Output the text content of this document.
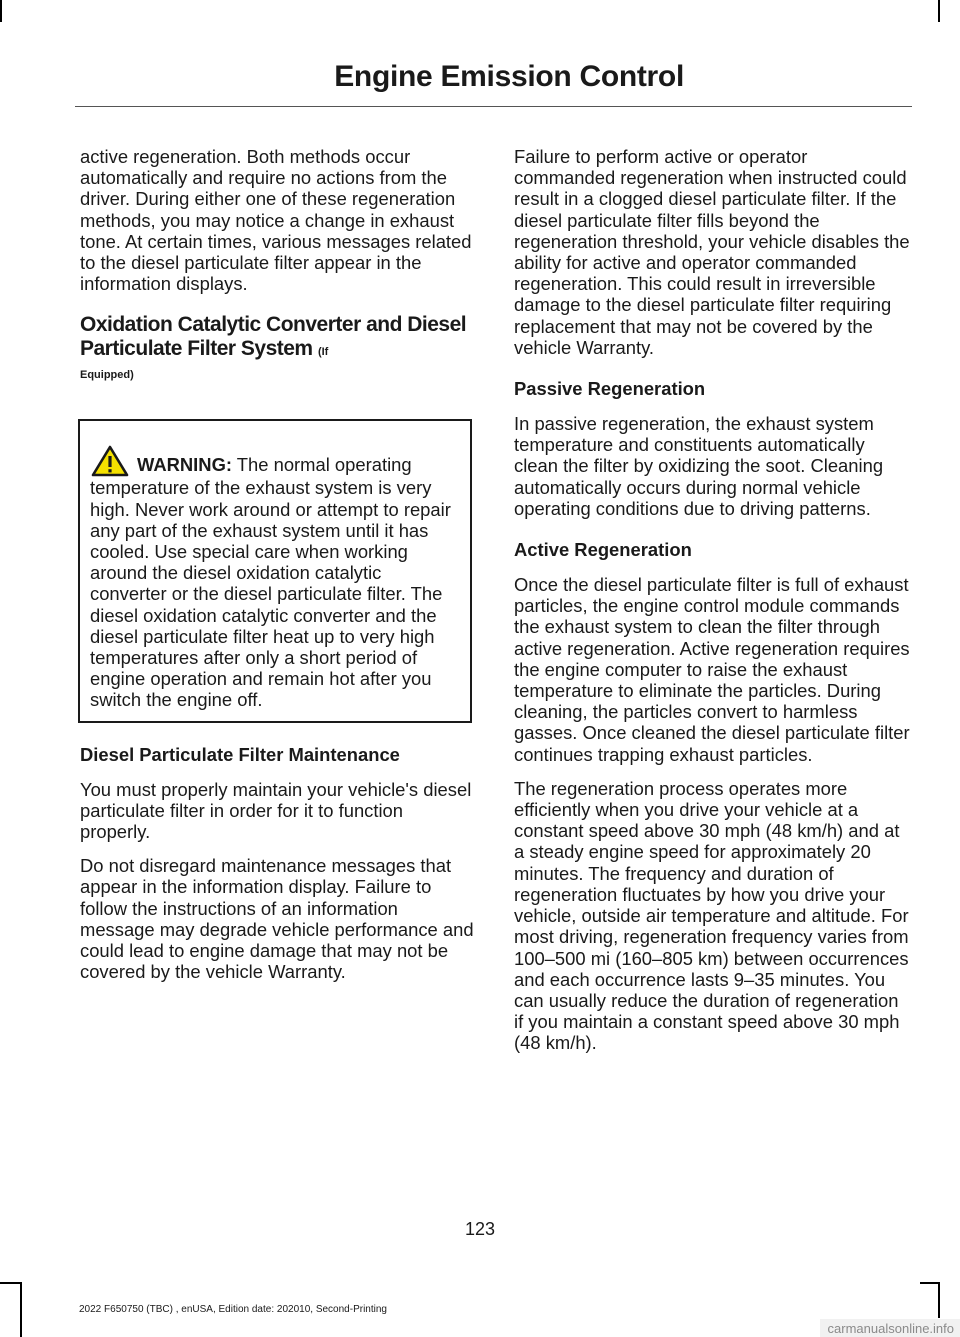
Engine Emission Control

active regeneration. Both methods occur automatically and require no actions from the driver. During either one of these regeneration methods, you may notice a change in exhaust tone. At certain times, various messages related to the diesel particulate filter appear in the information displays.

Oxidation Catalytic Converter and Diesel Particulate Filter System (If
Equipped)

WARNING: The normal operating temperature of the exhaust system is very high. Never work around or attempt to repair any part of the exhaust system until it has cooled. Use special care when working around the diesel oxidation catalytic converter or the diesel particulate filter. The diesel oxidation catalytic converter and the diesel particulate filter heat up to very high temperatures after only a short period of engine operation and remain hot after you switch the engine off.

Diesel Particulate Filter Maintenance

You must properly maintain your vehicle's diesel particulate filter in order for it to function properly.

Do not disregard maintenance messages that appear in the information display. Failure to follow the instructions of an information message may degrade vehicle performance and could lead to engine damage that may not be covered by the vehicle Warranty.

Failure to perform active or operator commanded regeneration when instructed could result in a clogged diesel particulate filter. If the diesel particulate filter fills beyond the regeneration threshold, your vehicle disables the ability for active and operator commanded regeneration. This could result in irreversible damage to the diesel particulate filter requiring replacement that may not be covered by the vehicle Warranty.

Passive Regeneration

In passive regeneration, the exhaust system temperature and constituents automatically clean the filter by oxidizing the soot. Cleaning automatically occurs during normal vehicle operating conditions due to driving patterns.

Active Regeneration

Once the diesel particulate filter is full of exhaust particles, the engine control module commands the exhaust system to clean the filter through active regeneration. Active regeneration requires the engine computer to raise the exhaust temperature to eliminate the particles. During cleaning, the particles convert to harmless gasses. Once cleaned the diesel particulate filter continues trapping exhaust particles.

The regeneration process operates more efficiently when you drive your vehicle at a constant speed above 30 mph (48 km/h) and at a steady engine speed for approximately 20 minutes. The frequency and duration of regeneration fluctuates by how you drive your vehicle, outside air temperature and altitude. For most driving, regeneration frequency varies from 100–500 mi (160–805 km) between occurrences and each occurrence lasts 9–35 minutes. You can usually reduce the duration of regeneration if you maintain a constant speed above 30 mph (48 km/h).

123
2022 F650750 (TBC) , enUSA, Edition date: 202010, Second-Printing
carmanualsonline.info
